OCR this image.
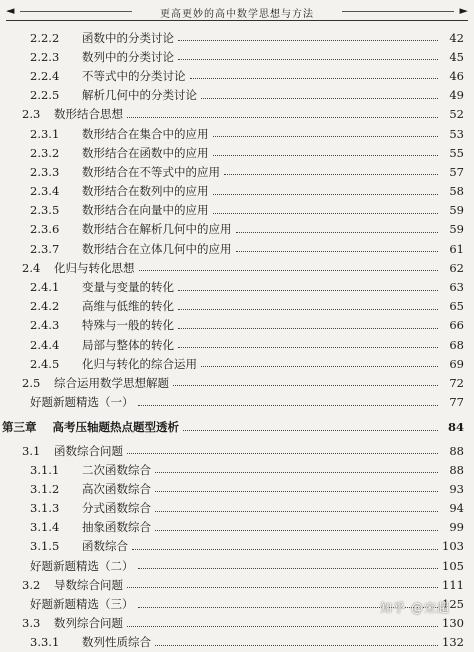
◄	更高更妙的高中数学思想与方法	►
2.2.2	函数中的分类讨论	42
2.2.3	数列中的分类讨论	45
2.2.4	不等式中的分类讨论	46
2.2.5	解析几何中的分类讨论	49
2.3 数形结合思想	52
2.3.1	数形结合在集合中的应用	53
2.3.2	数形结合在函数中的应用	55
2.3.3	数形结合在不等式中的应用	57
2.3.4	数形结合在数列中的应用	58
2.3.5	数形结合在向量中的应用	59
2.3.6	数形结合在解析几何中的应用	59
2.3.7	数形结合在立体几何中的应用	61
2.4 化归与转化思想	62
2.4.1	变量与变量的转化	63
2.4.2	高维与低维的转化	65
2.4.3	特殊与一般的转化	66
2.4.4	局部与整体的转化	68
2.4.5	化归与转化的综合运用	69
2.5 综合运用数学思想解题	72
好题新题精选（一）	77
第三章 高考压轴题热点题型透析	84
3.1 函数综合问题	88
3.1.1	二次函数综合	88
3.1.2	高次函数综合	93
3.1.3	分式函数综合	94
3.1.4	抽象函数综合	99
3.1.5	函数综合	103
好题新题精选（二）	105
3.2 导数综合问题	111
好题新题精选（三）	125
3.3 数列综合问题	130
3.3.1	数列性质综合	132
知乎 @宋超
